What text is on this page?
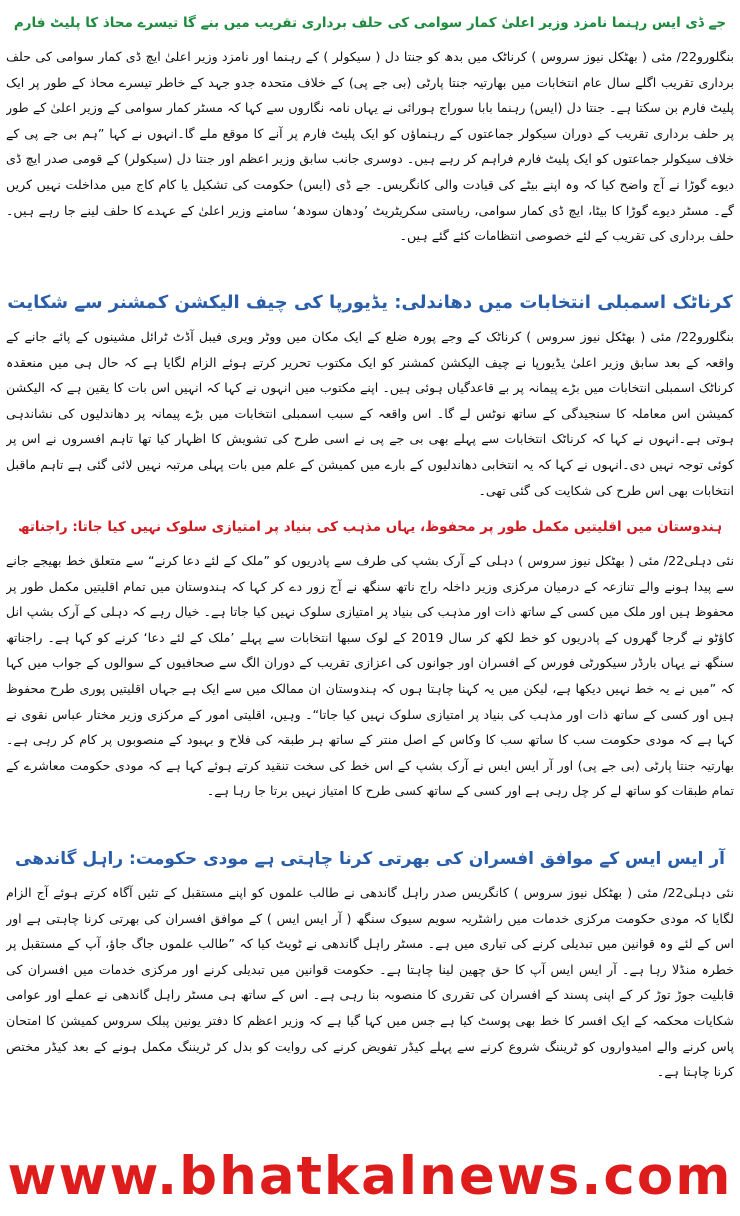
جے ڈی ایس رہنما نامزد وزیر اعلیٰ کمار سوامی کی حلف برداری تقریب میں بنے گا تیسرے محاذ کا پلیٹ فارم

بنگلورو22/ مئی ( بھٹکل نیوز سروس ) کرناٹک میں بدھ کو جنتا دل ( سیکولر ) کے رہنما اور نامزد وزیر اعلیٰ ایچ ڈی کمار سوامی کی حلف برداری تقریب اگلے سال عام انتخابات میں بھارتیہ جنتا پارٹی (بی جے پی) کے خلاف متحدہ جدو جہد کے خاطر تیسرے محاذ کے طور پر ایک پلیٹ فارم بن سکتا ہے۔ جنتا دل (ایس) رہنما بابا سوراج ہورائی نے یہاں نامہ نگاروں سے کہا کہ مسٹر کمار سوامی کے وزیر اعلیٰ کے طور پر حلف برداری تقریب کے دوران سیکولر جماعتوں کے رہنماؤں کو ایک پلیٹ فارم پر آنے کا موقع ملے گا۔انہوں نے کہا ”ہم بی جے پی کے خلاف سیکولر جماعتوں کو ایک پلیٹ فارم فراہم کر رہے ہیں۔ دوسری جانب سابق وزیر اعظم اور جنتا دل (سیکولر) کے قومی صدر ایچ ڈی دیوے گوڑا نے آج واضح کیا کہ وہ اپنے بیٹے کی قیادت والی کانگریس۔ جے ڈی (ایس) حکومت کی تشکیل یا کام کاج میں مداخلت نہیں کریں گے۔ مسٹر دیوے گوڑا کا بیٹا، ایچ ڈی کمار سوامی، ریاستی سکریٹریٹ ’ودھان سودھ‘ سامنے وزیر اعلیٰ کے عہدے کا حلف لینے جا رہے ہیں۔حلف برداری کی تقریب کے لئے خصوصی انتظامات کئے گئے ہیں۔

کرناٹک اسمبلی انتخابات میں دھاندلی: یڈیورپا کی چیف الیکشن کمشنر سے شکایت

بنگلورو22/ مئی ( بھٹکل نیوز سروس ) کرناٹک کے وجے پورہ ضلع کے ایک مکان میں ووٹر ویری فیبل آڈٹ ٹرائل مشینوں کے پائے جانے کے واقعہ کے بعد سابق وزیر اعلیٰ یڈیورپا نے چیف الیکشن کمشنر کو ایک مکتوب تحریر کرتے ہوئے الزام لگایا ہے کہ حال ہی میں منعقدہ کرناٹک اسمبلی انتخابات میں بڑے پیمانہ پر بے قاعدگیاں ہوئی ہیں۔ اپنے مکتوب میں انہوں نے کہا کہ انہیں اس بات کا یقین ہے کہ الیکشن کمیشن اس معاملہ کا سنجیدگی کے ساتھ نوٹس لے گا۔ اس واقعہ کے سبب اسمبلی انتخابات میں بڑے پیمانہ پر دھاندلیوں کی نشاندہی ہوتی ہے۔انہوں نے کہا کہ کرناٹک انتخابات سے پہلے بھی بی جے پی نے اسی طرح کی تشویش کا اظہار کیا تھا تاہم افسروں نے اس پر کوئی توجہ نہیں دی۔انہوں نے کہا کہ یہ انتخابی دھاندلیوں کے بارے میں کمیشن کے علم میں بات پہلی مرتبہ نہیں لائی گئی ہے تاہم ماقبل انتخابات بھی اس طرح کی شکایت کی گئی تھی۔

ہندوستان میں اقلیتیں مکمل طور پر محفوظ، یہاں مذہب کی بنیاد پر امتیازی سلوک نہیں کیا جاتا: راجناتھ

نئی دہلی22/ مئی ( بھٹکل نیوز سروس ) دہلی کے آرک بشپ کی طرف سے پادریوں کو ”ملک کے لئے دعا کرنے“ سے متعلق خط بھیجے جانے سے پیدا ہونے والے تنازعہ کے درمیان مرکزی وزیر داخلہ راج ناتھ سنگھ نے آج زور دے کر کہا کہ ہندوستان میں تمام اقلیتیں مکمل طور پر محفوظ ہیں اور ملک میں کسی کے ساتھ ذات اور مذہب کی بنیاد پر امتیازی سلوک نہیں کیا جاتا ہے۔ خیال رہے کہ دہلی کے آرک بشپ انل کاؤٹو نے گرجا گھروں کے پادریوں کو خط لکھ کر سال 2019 کے لوک سبھا انتخابات سے پہلے ’ملک کے لئے دعا‘ کرنے کو کہا ہے۔ راجناتھ سنگھ نے یہاں بارڈر سیکورٹی فورس کے افسران اور جوانوں کی اعزازی تقریب کے دوران الگ سے صحافیوں کے سوالوں کے جواب میں کہا کہ ”میں نے یہ خط نہیں دیکھا ہے، لیکن میں یہ کہنا چاہتا ہوں کہ ہندوستان ان ممالک میں سے ایک ہے جہاں اقلیتیں پوری طرح محفوظ ہیں اور کسی کے ساتھ ذات اور مذہب کی بنیاد پر امتیازی سلوک نہیں کیا جاتا“۔ وہیں، اقلیتی امور کے مرکزی وزیر مختار عباس نقوی نے کہا ہے کہ مودی حکومت سب کا ساتھ سب کا وکاس کے اصل منتر کے ساتھ ہر طبقہ کی فلاح و بہبود کے منصوبوں پر کام کر رہی ہے۔ بھارتیہ جنتا پارٹی (بی جے پی) اور آر ایس ایس نے آرک بشپ کے اس خط کی سخت تنقید کرتے ہوئے کہا ہے کہ مودی حکومت معاشرے کے تمام طبقات کو ساتھ لے کر چل رہی ہے اور کسی کے ساتھ کسی طرح کا امتیاز نہیں برتا جا رہا ہے۔

آر ایس ایس کے موافق افسران کی بھرتی کرنا چاہتی ہے مودی حکومت: راہل گاندھی

نئی دہلی22/ مئی ( بھٹکل نیوز سروس ) کانگریس صدر راہل گاندھی نے طالب علموں کو اپنے مستقبل کے تئیں آگاہ کرتے ہوئے آج الزام لگایا کہ مودی حکومت مرکزی خدمات میں راشٹریہ سویم سیوک سنگھ ( آر ایس ایس ) کے موافق افسران کی بھرتی کرنا چاہتی ہے اور اس کے لئے وہ قوانین میں تبدیلی کرنے کی تیاری میں ہے۔ مسٹر راہل گاندھی نے ٹویٹ کیا کہ ”طالب علموں جاگ جاؤ، آپ کے مستقبل پر خطرہ منڈلا رہا ہے۔ آر ایس ایس آپ کا حق چھین لینا چاہتا ہے۔ حکومت قوانین میں تبدیلی کرنے اور مرکزی خدمات میں افسران کی قابلیت جوڑ توڑ کر کے اپنی پسند کے افسران کی تقرری کا منصوبہ بنا رہی ہے۔ اس کے ساتھ ہی مسٹر راہل گاندھی نے عملے اور عوامی شکایات محکمہ کے ایک افسر کا خط بھی پوسٹ کیا ہے جس میں کہا گیا ہے کہ وزیر اعظم کا دفتر یونین پبلک سروس کمیشن کا امتحان پاس کرنے والے امیدواروں کو ٹریننگ شروع کرنے سے پہلے کیڈر تفویض کرنے کی روایت کو بدل کر ٹریننگ مکمل ہونے کے بعد کیڈر مختص کرنا چاہتا ہے۔

www.bhatkalnews.com
